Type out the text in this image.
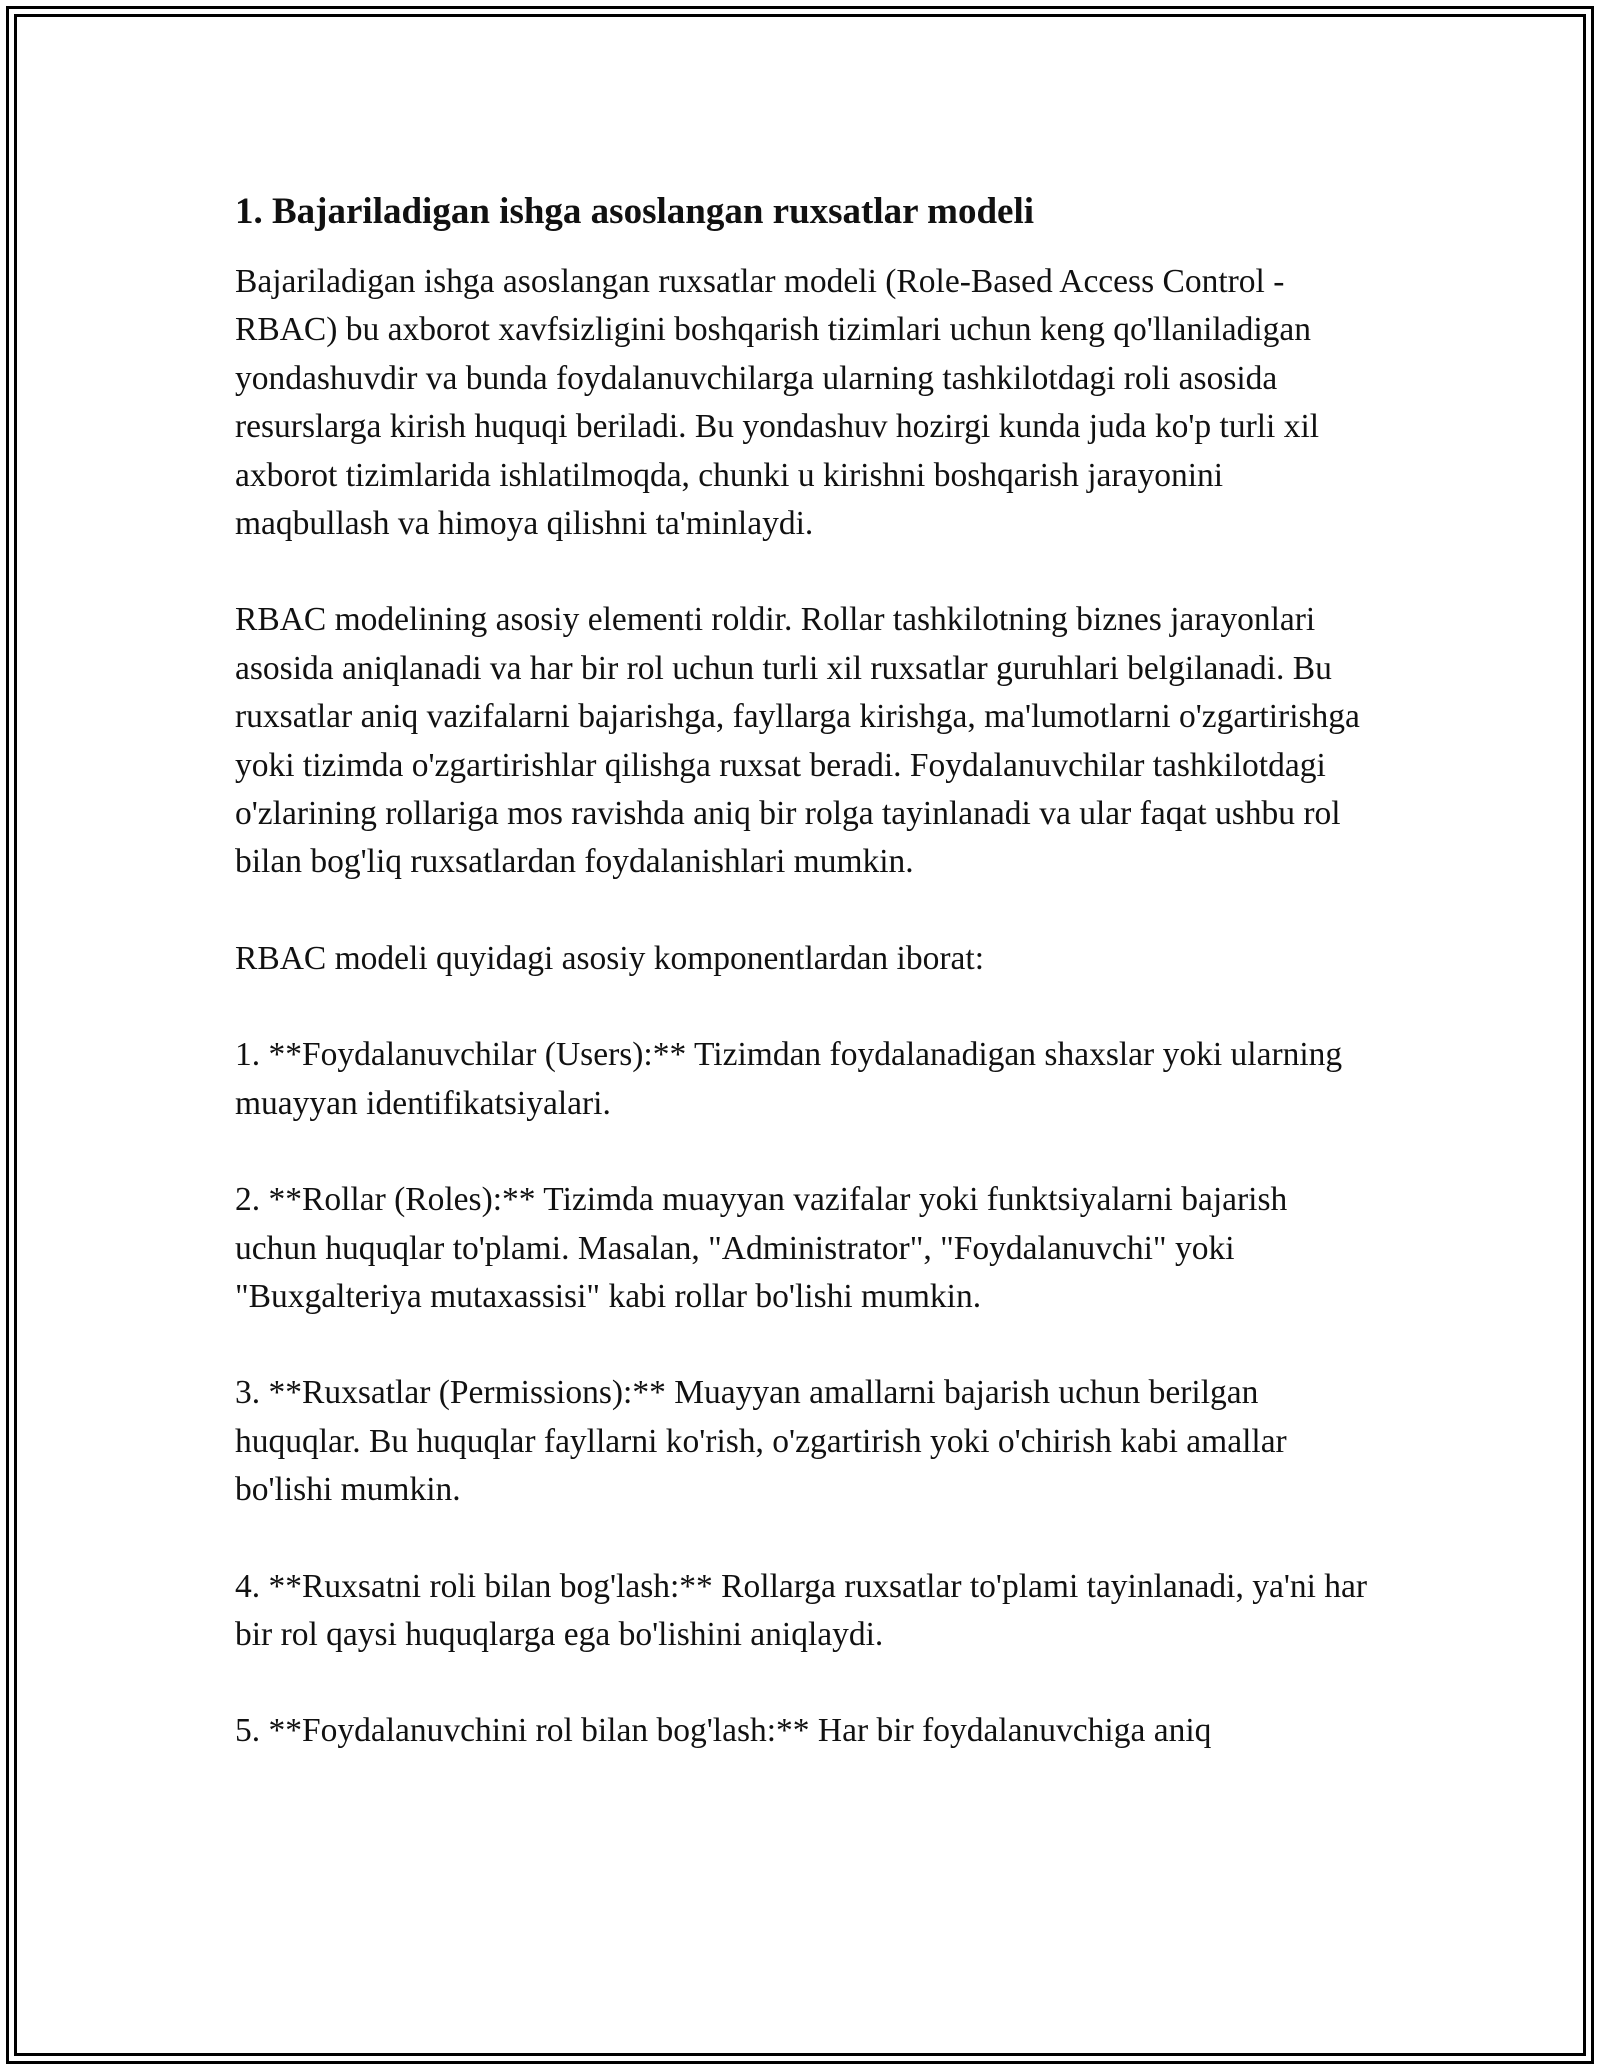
1. Bajariladigan ishga asoslangan ruxsatlar modeli

Bajariladigan ishga asoslangan ruxsatlar modeli (Role-Based Access Control - RBAC) bu axborot xavfsizligini boshqarish tizimlari uchun keng qo'llaniladigan yondashuvdir va bunda foydalanuvchilarga ularning tashkilotdagi roli asosida resurslarga kirish huquqi beriladi. Bu yondashuv hozirgi kunda juda ko'p turli xil axborot tizimlarida ishlatilmoqda, chunki u kirishni boshqarish jarayonini maqbullash va himoya qilishni ta'minlaydi.

RBAC modelining asosiy elementi roldir. Rollar tashkilotning biznes jarayonlari asosida aniqlanadi va har bir rol uchun turli xil ruxsatlar guruhlari belgilanadi. Bu ruxsatlar aniq vazifalarni bajarishga, fayllarga kirishga, ma'lumotlarni o'zgartirishga yoki tizimda o'zgartirishlar qilishga ruxsat beradi. Foydalanuvchilar tashkilotdagi o'zlarining rollariga mos ravishda aniq bir rolga tayinlanadi va ular faqat ushbu rol bilan bog'liq ruxsatlardan foydalanishlari mumkin.

RBAC modeli quyidagi asosiy komponentlardan iborat:

1. **Foydalanuvchilar (Users):** Tizimdan foydalanadigan shaxslar yoki ularning muayyan identifikatsiyalari.

2. **Rollar (Roles):** Tizimda muayyan vazifalar yoki funktsiyalarni bajarish uchun huquqlar to'plami. Masalan, "Administrator", "Foydalanuvchi" yoki "Buxgalteriya mutaxassisi" kabi rollar bo'lishi mumkin.

3. **Ruxsatlar (Permissions):** Muayyan amallarni bajarish uchun berilgan huquqlar. Bu huquqlar fayllarni ko'rish, o'zgartirish yoki o'chirish kabi amallar bo'lishi mumkin.

4. **Ruxsatni roli bilan bog'lash:** Rollarga ruxsatlar to'plami tayinlanadi, ya'ni har bir rol qaysi huquqlarga ega bo'lishini aniqlaydi.

5. **Foydalanuvchini rol bilan bog'lash:** Har bir foydalanuvchiga aniq
